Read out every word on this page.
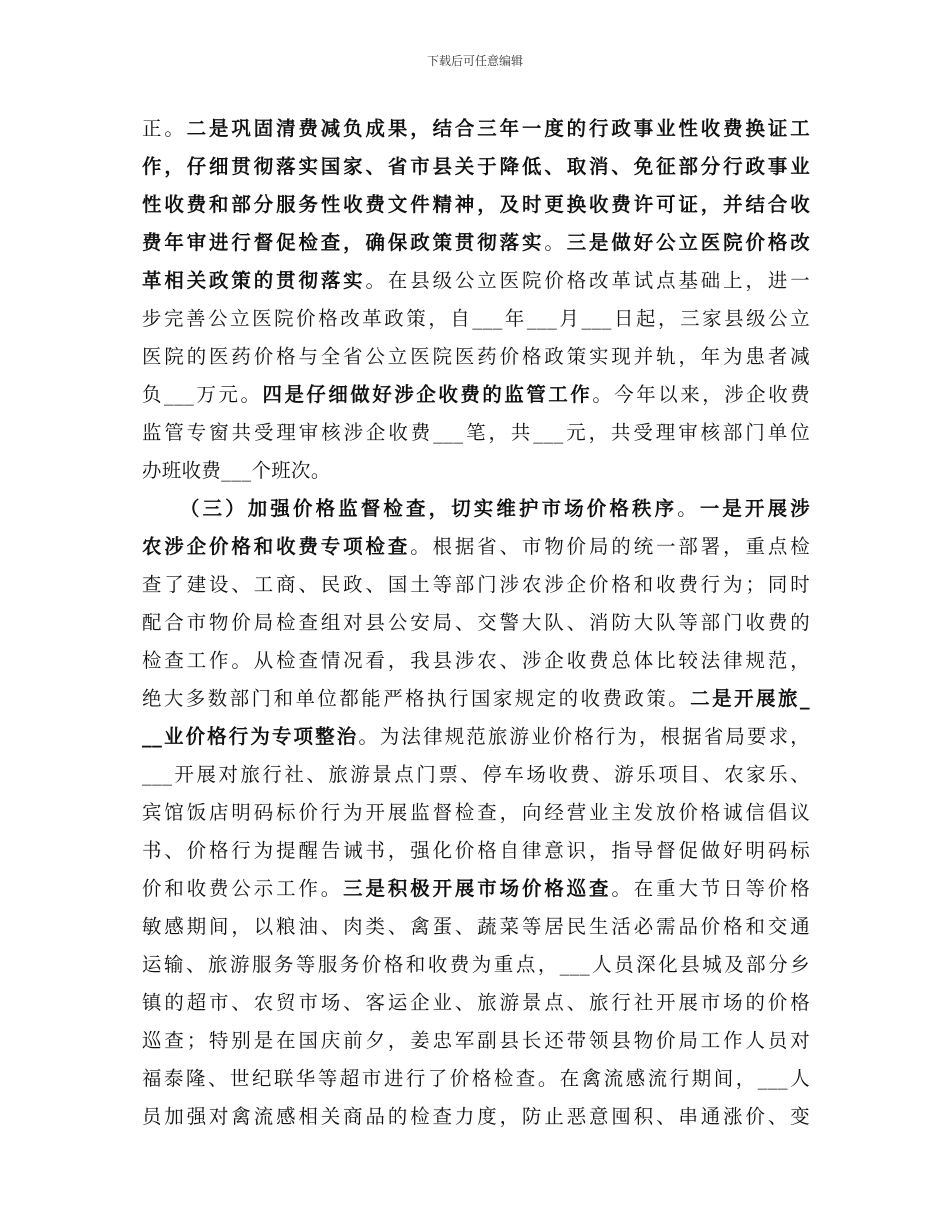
下载后可任意编辑
正。二是巩固清费减负成果，结合三年一度的行政事业性收费换证工
作，仔细贯彻落实国家、省市县关于降低、取消、免征部分行政事业
性收费和部分服务性收费文件精神，及时更换收费许可证，并结合收
费年审进行督促检查，确保政策贯彻落实。三是做好公立医院价格改
革相关政策的贯彻落实。在县级公立医院价格改革试点基础上，进一
步完善公立医院价格改革政策，自___年___月___日起，三家县级公立
医院的医药价格与全省公立医院医药价格政策实现并轨，年为患者减
负___万元。四是仔细做好涉企收费的监管工作。今年以来，涉企收费
监管专窗共受理审核涉企收费___笔，共___元，共受理审核部门单位
办班收费___个班次。
（三）加强价格监督检查，切实维护市场价格秩序。一是开展涉
农涉企价格和收费专项检查。根据省、市物价局的统一部署，重点检
查了建设、工商、民政、国土等部门涉农涉企价格和收费行为；同时
配合市物价局检查组对县公安局、交警大队、消防大队等部门收费的
检查工作。从检查情况看，我县涉农、涉企收费总体比较法律规范，
绝大多数部门和单位都能严格执行国家规定的收费政策。二是开展旅_
__业价格行为专项整治。为法律规范旅游业价格行为，根据省局要求，
___开展对旅行社、旅游景点门票、停车场收费、游乐项目、农家乐、
宾馆饭店明码标价行为开展监督检查，向经营业主发放价格诚信倡议
书、价格行为提醒告诫书，强化价格自律意识，指导督促做好明码标
价和收费公示工作。三是积极开展市场价格巡查。在重大节日等价格
敏感期间，以粮油、肉类、禽蛋、蔬菜等居民生活必需品价格和交通
运输、旅游服务等服务价格和收费为重点，___人员深化县城及部分乡
镇的超市、农贸市场、客运企业、旅游景点、旅行社开展市场的价格
巡查；特别是在国庆前夕，姜忠军副县长还带领县物价局工作人员对
福泰隆、世纪联华等超市进行了价格检查。在禽流感流行期间，___人
员加强对禽流感相关商品的检查力度，防止恶意囤积、串通涨价、变
